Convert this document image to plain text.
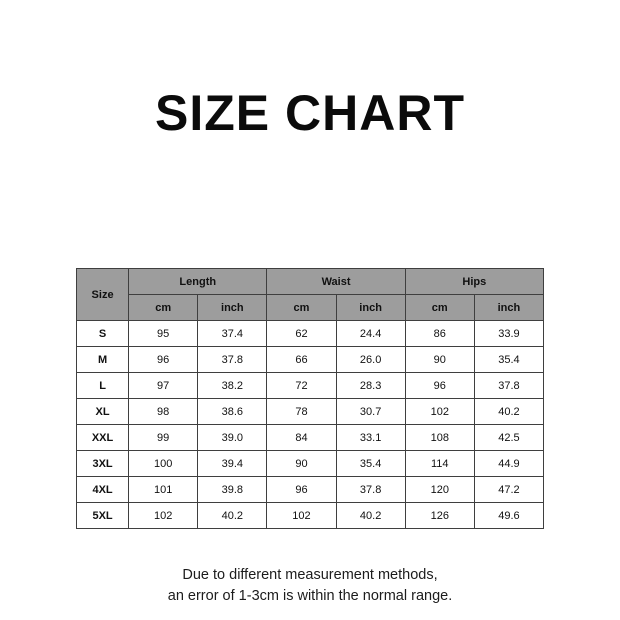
SIZE CHART
Size	Length		Waist		Hips	
	cm	inch	cm	inch	cm	inch
S	95	37.4	62	24.4	86	33.9
M	96	37.8	66	26.0	90	35.4
L	97	38.2	72	28.3	96	37.8
XL	98	38.6	78	30.7	102	40.2
XXL	99	39.0	84	33.1	108	42.5
3XL	100	39.4	90	35.4	114	44.9
4XL	101	39.8	96	37.8	120	47.2
5XL	102	40.2	102	40.2	126	49.6
Due to different measurement methods,
an error of 1-3cm is within the normal range.
